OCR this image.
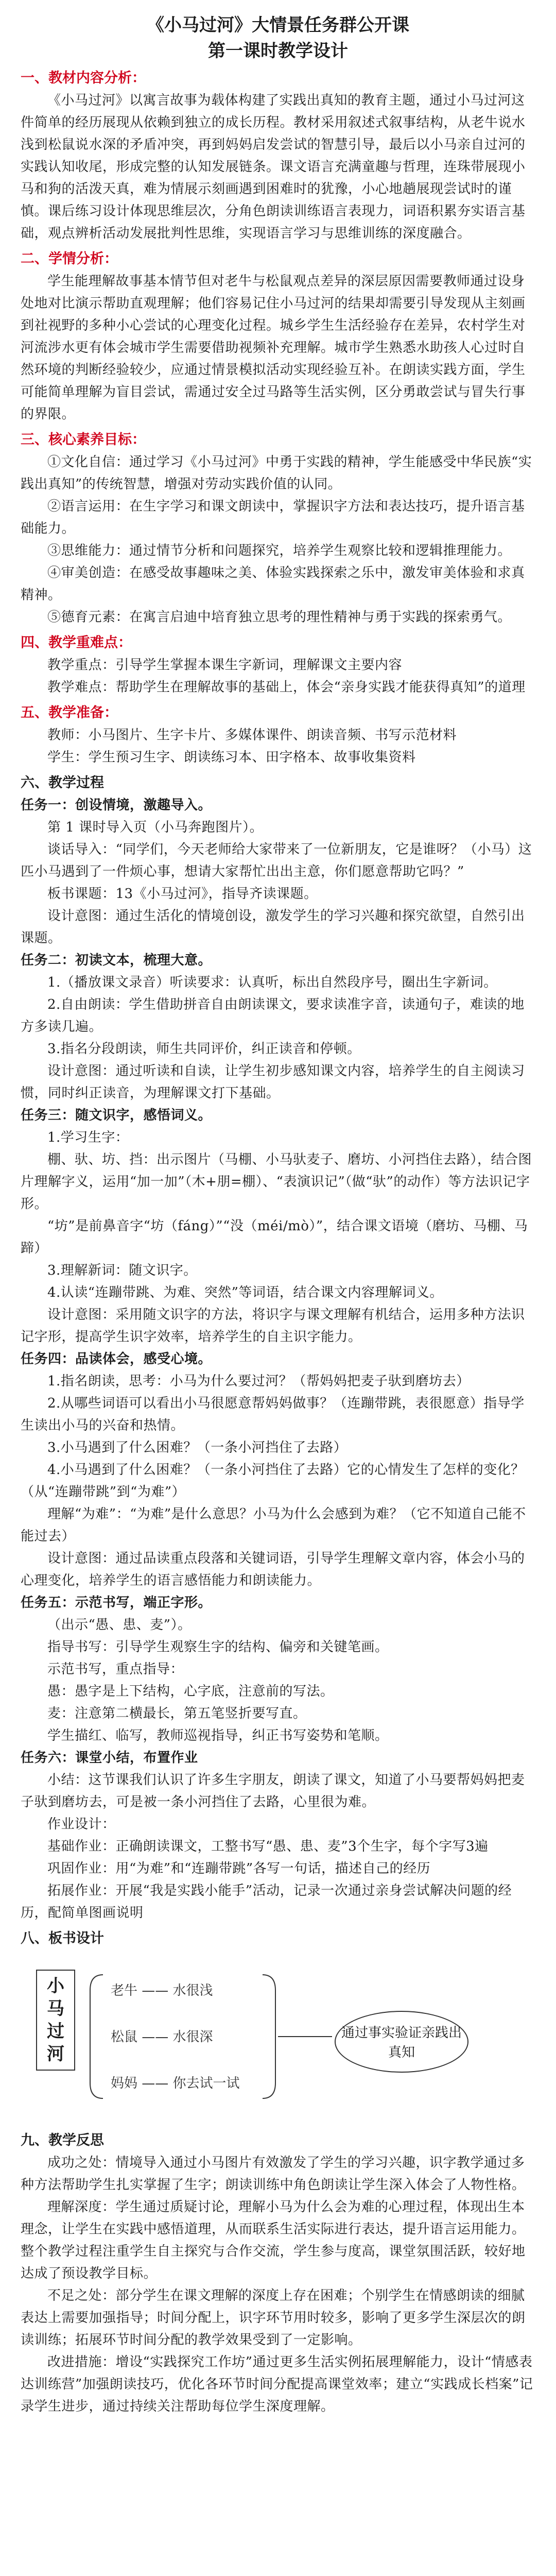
《小马过河》大情景任务群公开课
第一课时教学设计
一、教材内容分析：
《小马过河》以寓言故事为载体构建了实践出真知的教育主题，通过小马过河这件简单的经历展现从依赖到独立的成长历程。教材采用叙述式叙事结构，从老牛说水浅到松鼠说水深的矛盾冲突，再到妈妈启发尝试的智慧引导，最后以小马亲自过河的实践认知收尾，形成完整的认知发展链条。课文语言充满童趣与哲理，连珠带展现小马和狗的活泼天真，难为情展示刻画遇到困难时的犹豫，小心地趟展现尝试时的谨慎。课后练习设计体现思维层次，分角色朗读训练语言表现力，词语积累夯实语言基础，观点辨析活动发展批判性思维，实现语言学习与思维训练的深度融合。
二、学情分析：
学生能理解故事基本情节但对老牛与松鼠观点差异的深层原因需要教师通过设身处地对比演示帮助直观理解；他们容易记住小马过河的结果却需要引导发现从主刻画到社视野的多种小心尝试的心理变化过程。城乡学生生活经验存在差异，农村学生对河流涉水更有体会城市学生需要借助视频补充理解。城市学生熟悉水助孩人心过时自然环境的判断经验较少，应通过情景模拟活动实现经验互补。在朗读实践方面，学生可能简单理解为盲目尝试，需通过安全过马路等生活实例，区分勇敢尝试与冒失行事的界限。
三、核心素养目标：
①文化自信：通过学习《小马过河》中勇于实践的精神，学生能感受中华民族“实践出真知”的传统智慧，增强对劳动实践价值的认同。
②语言运用：在生字学习和课文朗读中，掌握识字方法和表达技巧，提升语言基础能力。
③思维能力：通过情节分析和问题探究，培养学生观察比较和逻辑推理能力。
④审美创造：在感受故事趣味之美、体验实践探索之乐中，激发审美体验和求真精神。
⑤德育元素：在寓言启迪中培育独立思考的理性精神与勇于实践的探索勇气。
四、教学重难点：
教学重点：引导学生掌握本课生字新词，理解课文主要内容
教学难点：帮助学生在理解故事的基础上，体会“亲身实践才能获得真知”的道理
五、教学准备：
教师：小马图片、生字卡片、多媒体课件、朗读音频、书写示范材料
学生：学生预习生字、朗读练习本、田字格本、故事收集资料
六、教学过程
任务一：创设情境，激趣导入。
第 1 课时导入页（小马奔跑图片）。
谈话导入：“同学们，今天老师给大家带来了一位新朋友，它是谁呀？（小马）这匹小马遇到了一件烦心事，想请大家帮忙出出主意，你们愿意帮助它吗？”
板书课题：13《小马过河》，指导齐读课题。
设计意图：通过生活化的情境创设，激发学生的学习兴趣和探究欲望，自然引出课题。
任务二：初读文本，梳理大意。
1.（播放课文录音）听读要求：认真听，标出自然段序号，圈出生字新词。
2.自由朗读：学生借助拼音自由朗读课文，要求读准字音，读通句子，难读的地方多读几遍。
3.指名分段朗读，师生共同评价，纠正读音和停顿。
设计意图：通过听读和自读，让学生初步感知课文内容，培养学生的自主阅读习惯，同时纠正读音，为理解课文打下基础。
任务三：随文识字，感悟词义。
1.学习生字：
棚、驮、坊、挡：出示图片（马棚、小马驮麦子、磨坊、小河挡住去路），结合图片理解字义，运用“加一加”（木+朋=棚）、“表演识记”（做“驮”的动作）等方法识记字形。
“坊”是前鼻音字“坊（fáng）”“没（méi/mò）”，结合课文语境（磨坊、马棚、马蹄）
3.理解新词：随文识字。
4.认读“连蹦带跳、为难、突然”等词语，结合课文内容理解词义。
设计意图：采用随文识字的方法，将识字与课文理解有机结合，运用多种方法识记字形，提高学生识字效率，培养学生的自主识字能力。
任务四：品读体会，感受心境。
1.指名朗读，思考：小马为什么要过河？（帮妈妈把麦子驮到磨坊去）
2.从哪些词语可以看出小马很愿意帮妈妈做事？（连蹦带跳，表很愿意）指导学生读出小马的兴奋和热情。
3.小马遇到了什么困难？（一条小河挡住了去路）
4.小马遇到了什么困难？（一条小河挡住了去路）它的心情发生了怎样的变化？（从“连蹦带跳”到“为难”）
理解“为难”：“为难”是什么意思？小马为什么会感到为难？（它不知道自己能不能过去）
设计意图：通过品读重点段落和关键词语，引导学生理解文章内容，体会小马的心理变化，培养学生的语言感悟能力和朗读能力。
任务五：示范书写，端正字形。
（出示“愚、患、麦”）。
指导书写：引导学生观察生字的结构、偏旁和关键笔画。
示范书写，重点指导：
愚：愚字是上下结构，心字底，注意前的写法。
麦：注意第二横最长，第五笔竖折要写直。
学生描红、临写，教师巡视指导，纠正书写姿势和笔顺。
任务六：课堂小结，布置作业
小结：这节课我们认识了许多生字朋友，朗读了课文，知道了小马要帮妈妈把麦子驮到磨坊去，可是被一条小河挡住了去路，心里很为难。
作业设计：
基础作业：正确朗读课文，工整书写“愚、患、麦”3个生字，每个字写3遍
巩固作业：用“为难”和“连蹦带跳”各写一句话，描述自己的经历
拓展作业：开展“我是实践小能手”活动，记录一次通过亲身尝试解决问题的经历，配简单图画说明
八、板书设计
小马过河
老牛 —— 水很浅
松鼠 —— 水很深
妈妈 —— 你去试一试
通过事实验证亲践出真知
九、教学反思
成功之处：情境导入通过小马图片有效激发了学生的学习兴趣，识字教学通过多种方法帮助学生扎实掌握了生字；朗读训练中角色朗读让学生深入体会了人物性格。
理解深度：学生通过质疑讨论，理解小马为什么会为难的心理过程，体现出生本理念，让学生在实践中感悟道理，从而联系生活实际进行表达，提升语言运用能力。整个教学过程注重学生自主探究与合作交流，学生参与度高，课堂氛围活跃，较好地达成了预设教学目标。
不足之处：部分学生在课文理解的深度上存在困难；个别学生在情感朗读的细腻表达上需要加强指导；时间分配上，识字环节用时较多，影响了更多学生深层次的朗读训练；拓展环节时间分配的教学效果受到了一定影响。
改进措施：增设“实践探究工作坊”通过更多生活实例拓展理解能力，设计“情感表达训练营”加强朗读技巧，优化各环节时间分配提高课堂效率；建立“实践成长档案”记录学生进步，通过持续关注帮助每位学生深度理解。
